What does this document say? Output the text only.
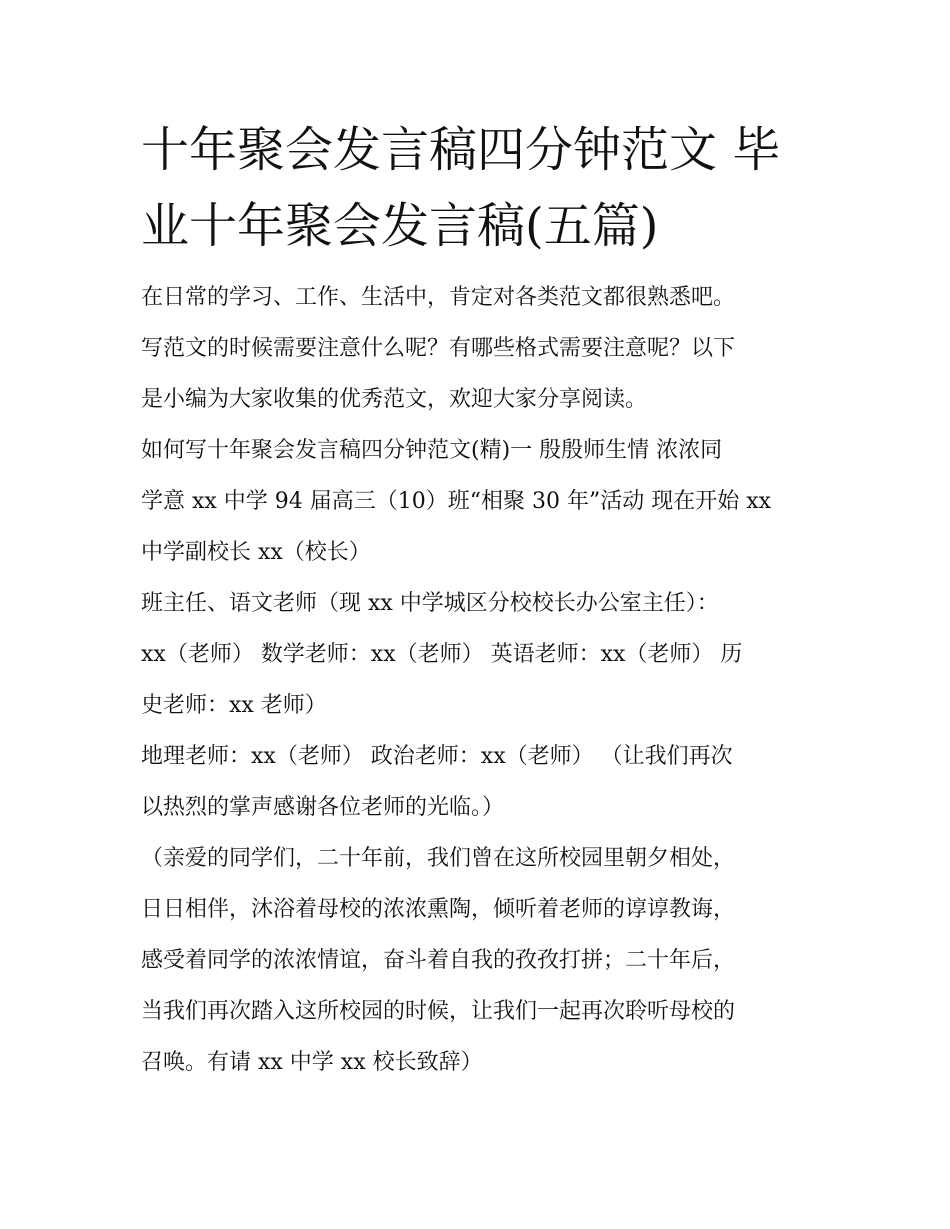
十年聚会发言稿四分钟范文 毕
业十年聚会发言稿(五篇)
在日常的学习、工作、生活中，肯定对各类范文都很熟悉吧。
写范文的时候需要注意什么呢？有哪些格式需要注意呢？以下
是小编为大家收集的优秀范文，欢迎大家分享阅读。
如何写十年聚会发言稿四分钟范文(精)一 殷殷师生情 浓浓同
学意 xx 中学 94 届高三（10）班“相聚 30 年”活动 现在开始 xx
中学副校长 xx（校长）
班主任、语文老师（现 xx 中学城区分校校长办公室主任）：
xx（老师） 数学老师：xx（老师） 英语老师：xx（老师） 历
史老师：xx 老师）
地理老师：xx（老师） 政治老师：xx（老师） （让我们再次
以热烈的掌声感谢各位老师的光临。）
（亲爱的同学们，二十年前，我们曾在这所校园里朝夕相处，
日日相伴，沐浴着母校的浓浓熏陶，倾听着老师的谆谆教诲，
感受着同学的浓浓情谊，奋斗着自我的孜孜打拼；二十年后，
当我们再次踏入这所校园的时候，让我们一起再次聆听母校的
召唤。有请 xx 中学 xx 校长致辞）
